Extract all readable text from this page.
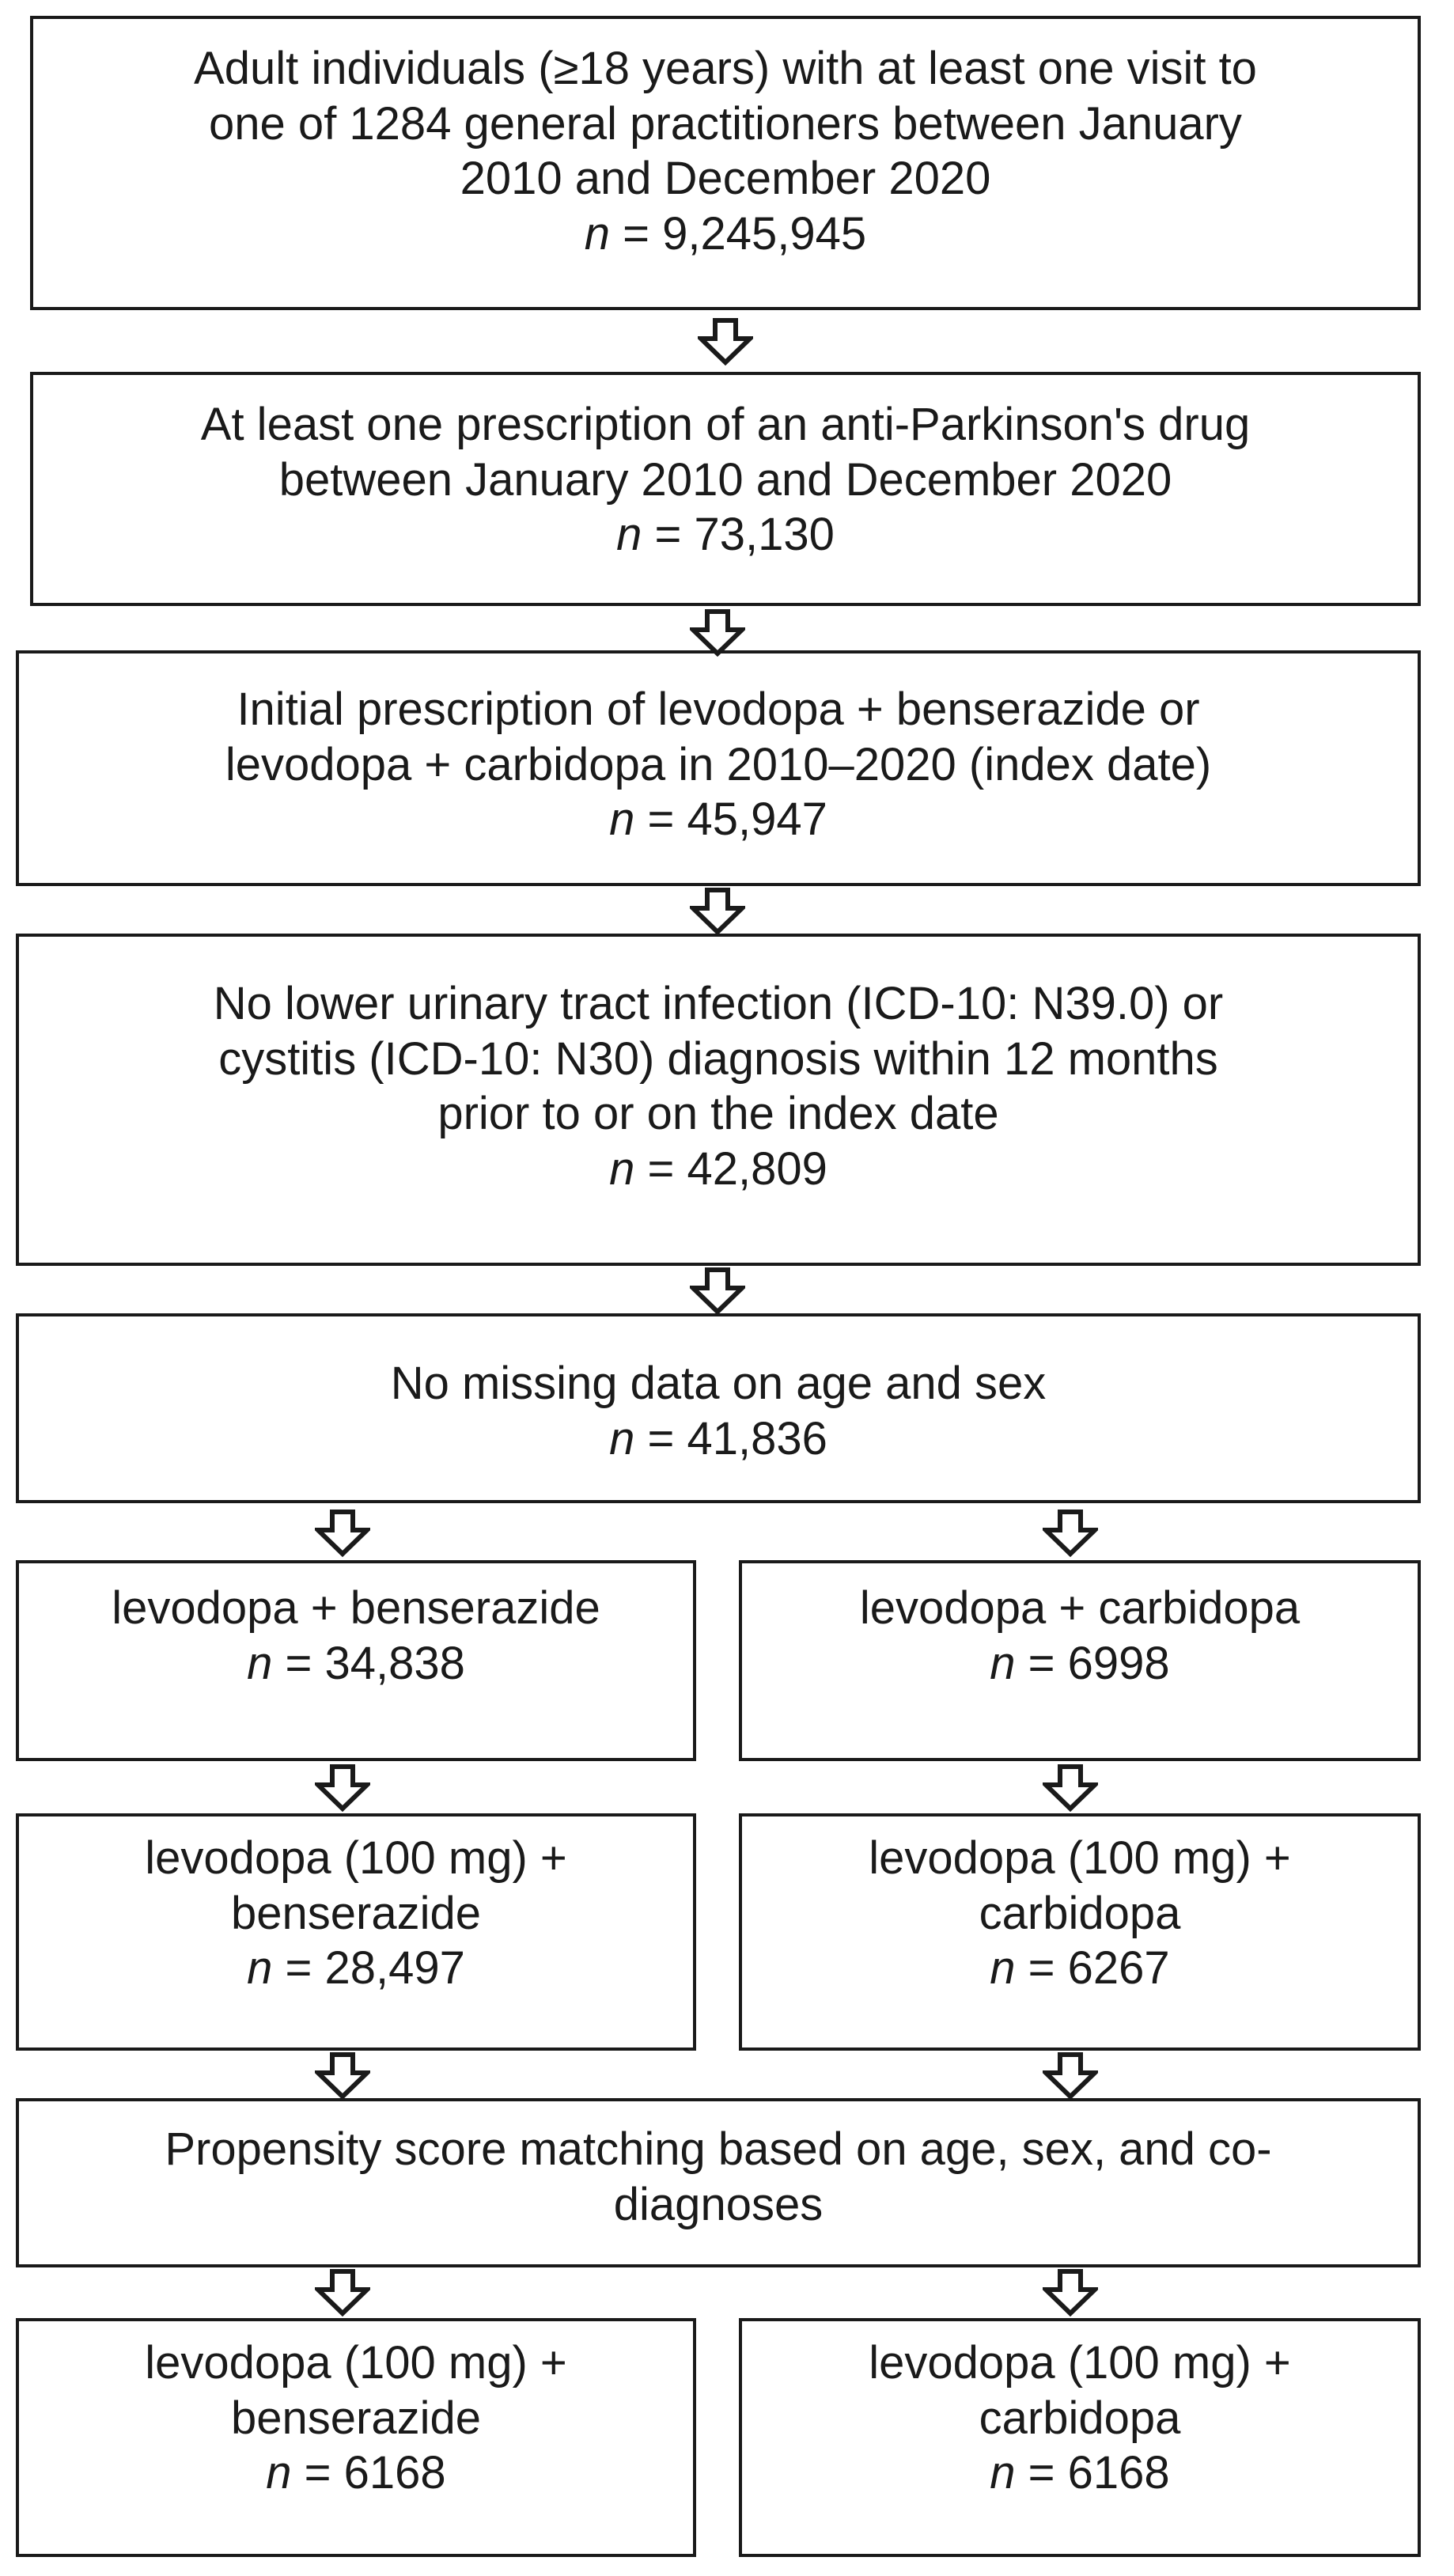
Adult individuals (≥18 years) with at least one visit to
one of 1284 general practitioners between January
2010 and December 2020
n = 9,245,945
At least one prescription of an anti-Parkinson's drug
between January 2010 and December 2020
n = 73,130
Initial prescription of levodopa + benserazide or
levodopa + carbidopa in 2010–2020 (index date)
n = 45,947
No lower urinary tract infection (ICD-10: N39.0) or
cystitis (ICD-10: N30) diagnosis within 12 months
prior to or on the index date
n = 42,809
No missing data on age and sex
n = 41,836
levodopa + benserazide
n = 34,838
levodopa + carbidopa
n = 6998
levodopa (100 mg) +
benserazide
n = 28,497
levodopa (100 mg) +
carbidopa
n = 6267
Propensity score matching based on age, sex, and co-
diagnoses
levodopa (100 mg) +
benserazide
n = 6168
levodopa (100 mg) +
carbidopa
n = 6168
